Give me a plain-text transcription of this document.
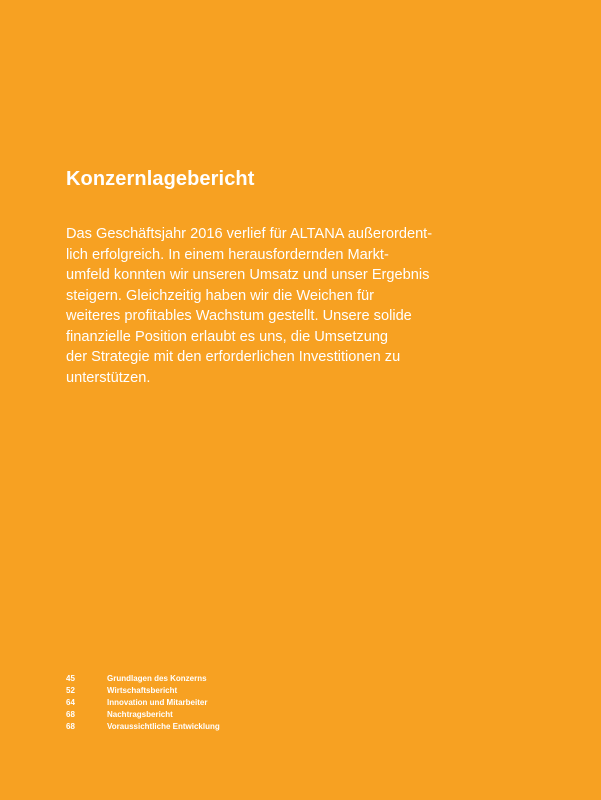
Konzernlagebericht

Das Geschäftsjahr 2016 verlief für ALTANA außerordent-
lich erfolgreich. In einem herausfordernden Markt-
umfeld konnten wir unseren Umsatz und unser Ergebnis
steigern. Gleichzeitig haben wir die Weichen für
weiteres profitables Wachstum gestellt. Unsere solide
finanzielle Position erlaubt es uns, die Umsetzung
der Strategie mit den erforderlichen Investitionen zu
unterstützen.

45	Grundlagen des Konzerns
52	Wirtschaftsbericht
64	Innovation und Mitarbeiter
68	Nachtragsbericht
68	Voraussichtliche Entwicklung
